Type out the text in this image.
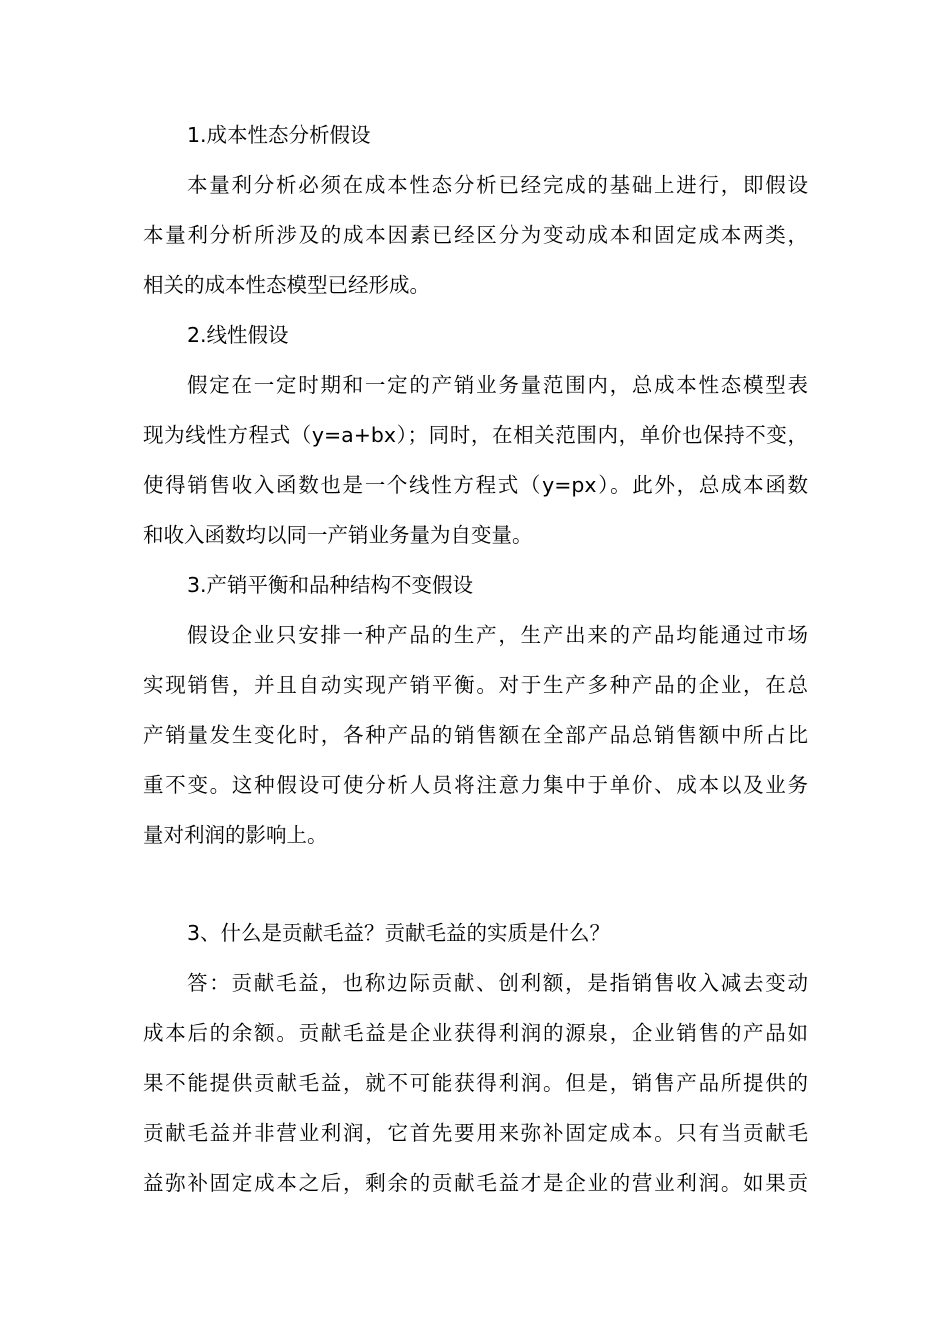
1.成本性态分析假设
本量利分析必须在成本性态分析已经完成的基础上进行，即假设
本量利分析所涉及的成本因素已经区分为变动成本和固定成本两类，
相关的成本性态模型已经形成。
2.线性假设
假定在一定时期和一定的产销业务量范围内，总成本性态模型表
现为线性方程式（y=a+bx）；同时，在相关范围内，单价也保持不变，
使得销售收入函数也是一个线性方程式（y=px）。此外，总成本函数
和收入函数均以同一产销业务量为自变量。
3.产销平衡和品种结构不变假设
假设企业只安排一种产品的生产，生产出来的产品均能通过市场
实现销售，并且自动实现产销平衡。对于生产多种产品的企业，在总
产销量发生变化时，各种产品的销售额在全部产品总销售额中所占比
重不变。这种假设可使分析人员将注意力集中于单价、成本以及业务
量对利润的影响上。
3、什么是贡献毛益？贡献毛益的实质是什么？
答：贡献毛益，也称边际贡献、创利额，是指销售收入减去变动
成本后的余额。贡献毛益是企业获得利润的源泉，企业销售的产品如
果不能提供贡献毛益，就不可能获得利润。但是，销售产品所提供的
贡献毛益并非营业利润，它首先要用来弥补固定成本。只有当贡献毛
益弥补固定成本之后，剩余的贡献毛益才是企业的营业利润。如果贡
